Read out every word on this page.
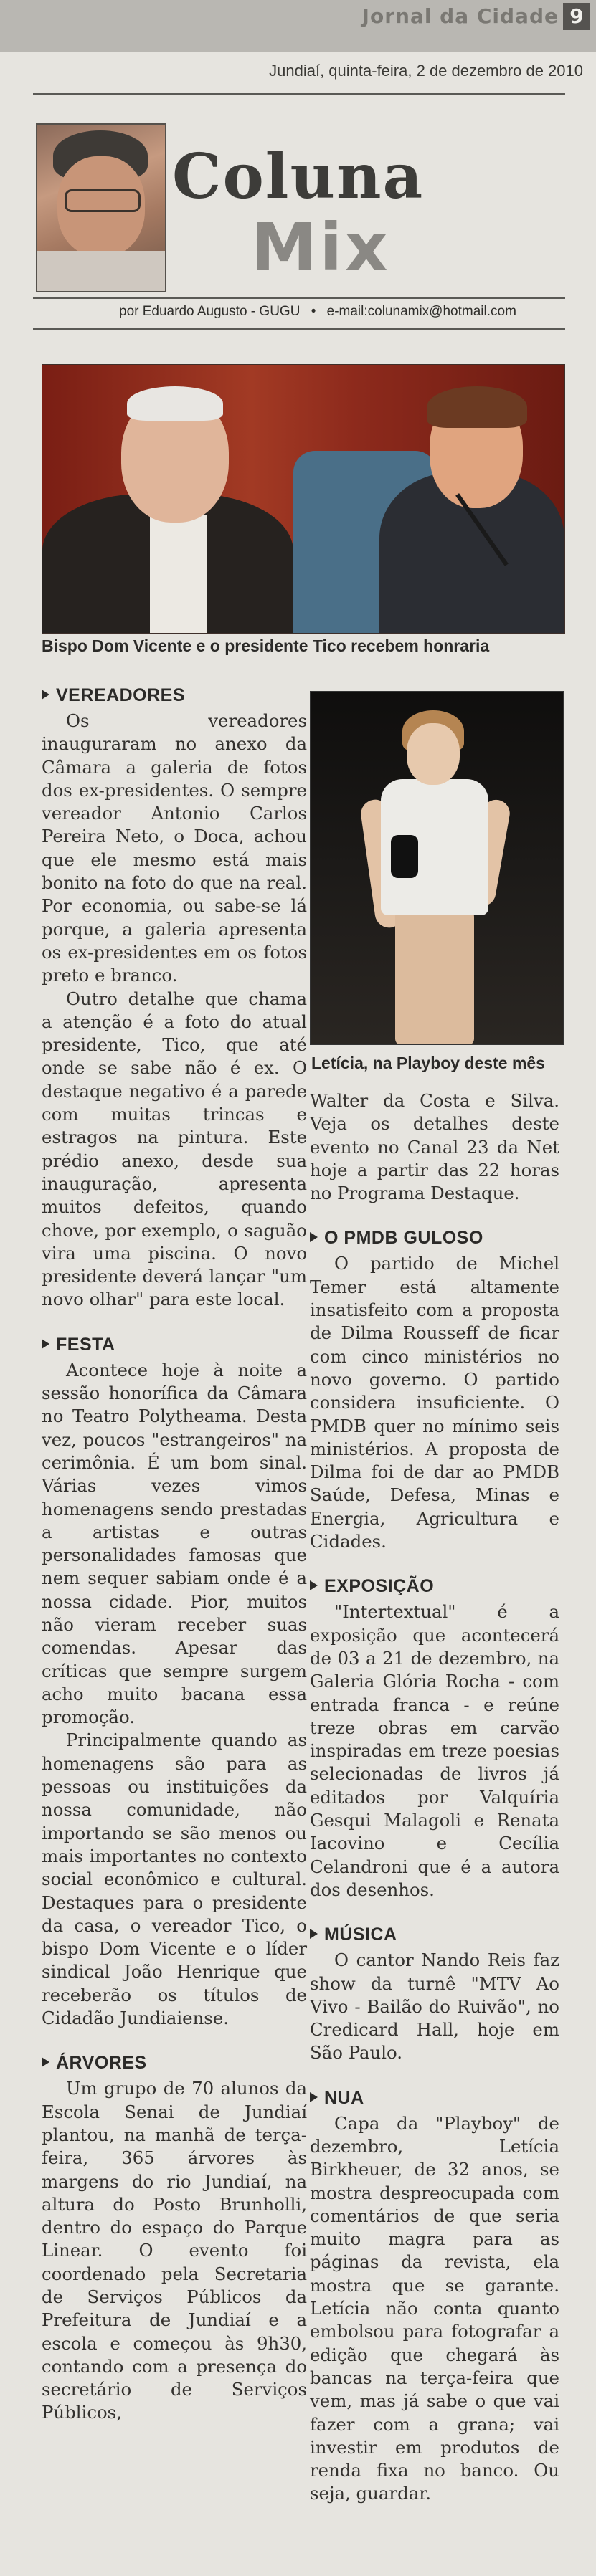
Jornal da Cidade 9
Jundiaí, quinta-feira, 2 de dezembro de 2010
Coluna
Mix
por Eduardo Augusto - GUGU • e-mail:colunamix@hotmail.com
Bispo Dom Vicente e o presidente Tico recebem honraria
VEREADORES

Os vereadores inauguraram no anexo da Câmara a galeria de fotos dos ex-presidentes. O sempre vereador Antonio Carlos Pereira Neto, o Doca, achou que ele mesmo está mais bonito na foto do que na real. Por economia, ou sabe-se lá porque, a galeria apresenta os ex-presidentes em os fotos preto e branco.

Outro detalhe que chama a atenção é a foto do atual presidente, Tico, que até onde se sabe não é ex. O destaque negativo é a parede com muitas trincas e estragos na pintura. Este prédio anexo, desde sua inauguração, apresenta muitos defeitos, quando chove, por exemplo, o saguão vira uma piscina. O novo presidente deverá lançar "um novo olhar" para este local.

FESTA

Acontece hoje à noite a sessão honorífica da Câmara no Teatro Polytheama. Desta vez, poucos "estrangeiros" na cerimônia. É um bom sinal. Várias vezes vimos homenagens sendo prestadas a artistas e outras personalidades famosas que nem sequer sabiam onde é a nossa cidade. Pior, muitos não vieram receber suas comendas. Apesar das críticas que sempre surgem acho muito bacana essa promoção.

Principalmente quando as homenagens são para as pessoas ou instituições da nossa comunidade, não importando se são menos ou mais importantes no contexto social econômico e cultural. Destaques para o presidente da casa, o vereador Tico, o bispo Dom Vicente e o líder sindical João Henrique que receberão os títulos de Cidadão Jundiaiense.

ÁRVORES

Um grupo de 70 alunos da Escola Senai de Jundiaí plantou, na manhã de terça-feira, 365 árvores às margens do rio Jundiaí, na altura do Posto Brunholli, dentro do espaço do Parque Linear. O evento foi coordenado pela Secretaria de Serviços Públicos da Prefeitura de Jundiaí e a escola e começou às 9h30, contando com a presença do secretário de Serviços Públicos,

Letícia, na Playboy deste mês

Walter da Costa e Silva. Veja os detalhes deste evento no Canal 23 da Net hoje a partir das 22 horas no Programa Destaque.

O PMDB GULOSO

O partido de Michel Temer está altamente insatisfeito com a proposta de Dilma Rousseff de ficar com cinco ministérios no novo governo. O partido considera insuficiente. O PMDB quer no mínimo seis ministérios. A proposta de Dilma foi de dar ao PMDB Saúde, Defesa, Minas e Energia, Agricultura e Cidades.

EXPOSIÇÃO

"Intertextual" é a exposição que acontecerá de 03 a 21 de dezembro, na Galeria Glória Rocha - com entrada franca - e reúne treze obras em carvão inspiradas em treze poesias selecionadas de livros já editados por Valquíria Gesqui Malagoli e Renata Iacovino e Cecília Celandroni que é a autora dos desenhos.

MÚSICA

O cantor Nando Reis faz show da turnê "MTV Ao Vivo - Bailão do Ruivão", no Credicard Hall, hoje em São Paulo.

NUA

Capa da "Playboy" de dezembro, Letícia Birkheuer, de 32 anos, se mostra despreocupada com comentários de que seria muito magra para as páginas da revista, ela mostra que se garante. Letícia não conta quanto embolsou para fotografar a edição que chegará às bancas na terça-feira que vem, mas já sabe o que vai fazer com a grana; vai investir em produtos de renda fixa no banco. Ou seja, guardar.
